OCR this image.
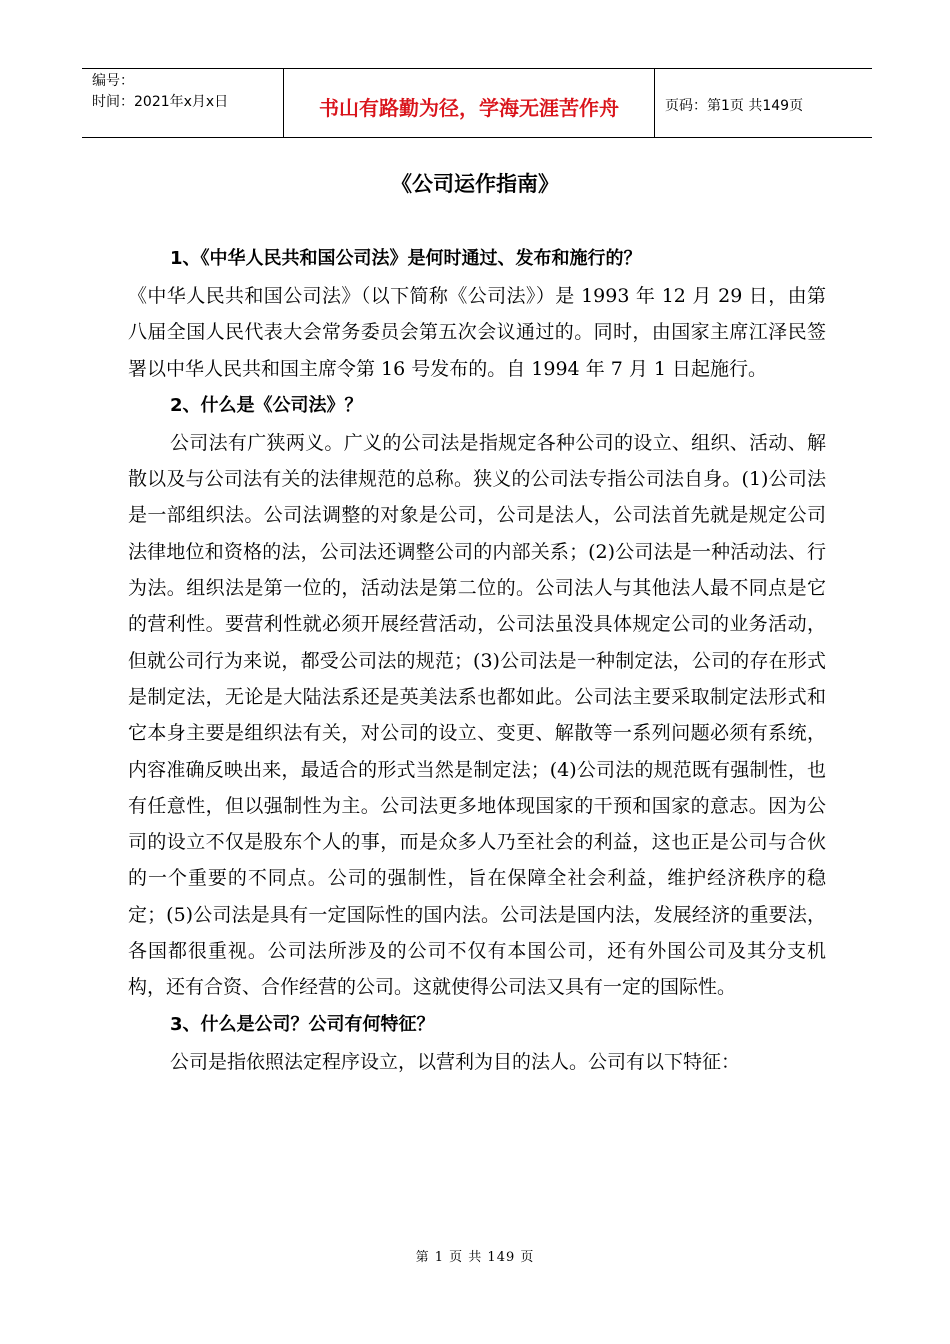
编号：
时间：2021年x月x日	书山有路勤为径，学海无涯苦作舟	页码：第1页 共149页
《公司运作指南》

1、《中华人民共和国公司法》是何时通过、发布和施行的？

《中华人民共和国公司法》（以下简称《公司法》）是 1993 年 12 月 29 日，由第八届全国人民代表大会常务委员会第五次会议通过的。同时，由国家主席江泽民签署以中华人民共和国主席令第 16 号发布的。自 1994 年 7 月 1 日起施行。

2、什么是《公司法》？

公司法有广狭两义。广义的公司法是指规定各种公司的设立、组织、活动、解散以及与公司法有关的法律规范的总称。狭义的公司法专指公司法自身。(1)公司法是一部组织法。公司法调整的对象是公司，公司是法人，公司法首先就是规定公司法律地位和资格的法，公司法还调整公司的内部关系；(2)公司法是一种活动法、行为法。组织法是第一位的，活动法是第二位的。公司法人与其他法人最不同点是它的营利性。要营利性就必须开展经营活动，公司法虽没具体规定公司的业务活动，但就公司行为来说，都受公司法的规范；(3)公司法是一种制定法，公司的存在形式是制定法，无论是大陆法系还是英美法系也都如此。公司法主要采取制定法形式和它本身主要是组织法有关，对公司的设立、变更、解散等一系列问题必须有系统，内容准确反映出来，最适合的形式当然是制定法；(4)公司法的规范既有强制性，也有任意性，但以强制性为主。公司法更多地体现国家的干预和国家的意志。因为公司的设立不仅是股东个人的事，而是众多人乃至社会的利益，这也正是公司与合伙的一个重要的不同点。公司的强制性，旨在保障全社会利益，维护经济秩序的稳定；(5)公司法是具有一定国际性的国内法。公司法是国内法，发展经济的重要法，各国都很重视。公司法所涉及的公司不仅有本国公司，还有外国公司及其分支机构，还有合资、合作经营的公司。这就使得公司法又具有一定的国际性。

3、什么是公司？公司有何特征？

公司是指依照法定程序设立，以营利为目的法人。公司有以下特征：

第 1 页 共 149 页
